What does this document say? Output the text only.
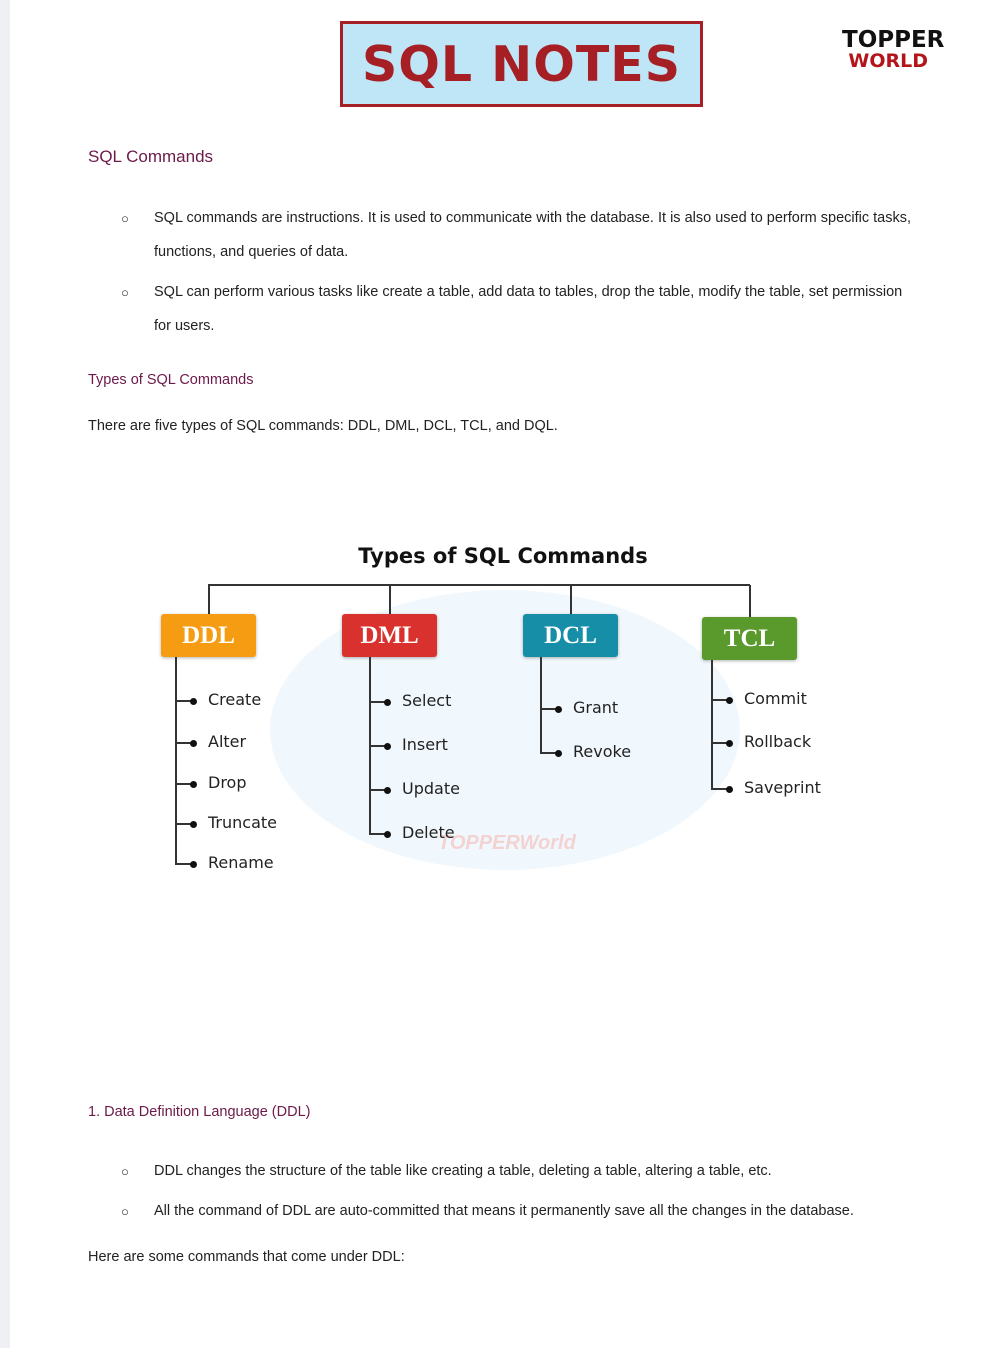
SQL NOTES	TOPPER
WORLD
SQL Commands
○ SQL commands are instructions. It is used to communicate with the database. It is also used to perform specific tasks,
functions, and queries of data.
○ SQL can perform various tasks like create a table, add data to tables, drop the table, modify the table, set permission
for users.
Types of SQL Commands
There are five types of SQL commands: DDL, DML, DCL, TCL, and DQL.
TOPPERWorld
Types of SQL Commands
DDL
Create
Alter
Drop
Truncate
Rename
DML
Select
Insert
Update
Delete
DCL
Grant
Revoke
TCL
Commit
Rollback
Saveprint
1. Data Definition Language (DDL)
○ DDL changes the structure of the table like creating a table, deleting a table, altering a table, etc.
○ All the command of DDL are auto-committed that means it permanently save all the changes in the database.
Here are some commands that come under DDL:
